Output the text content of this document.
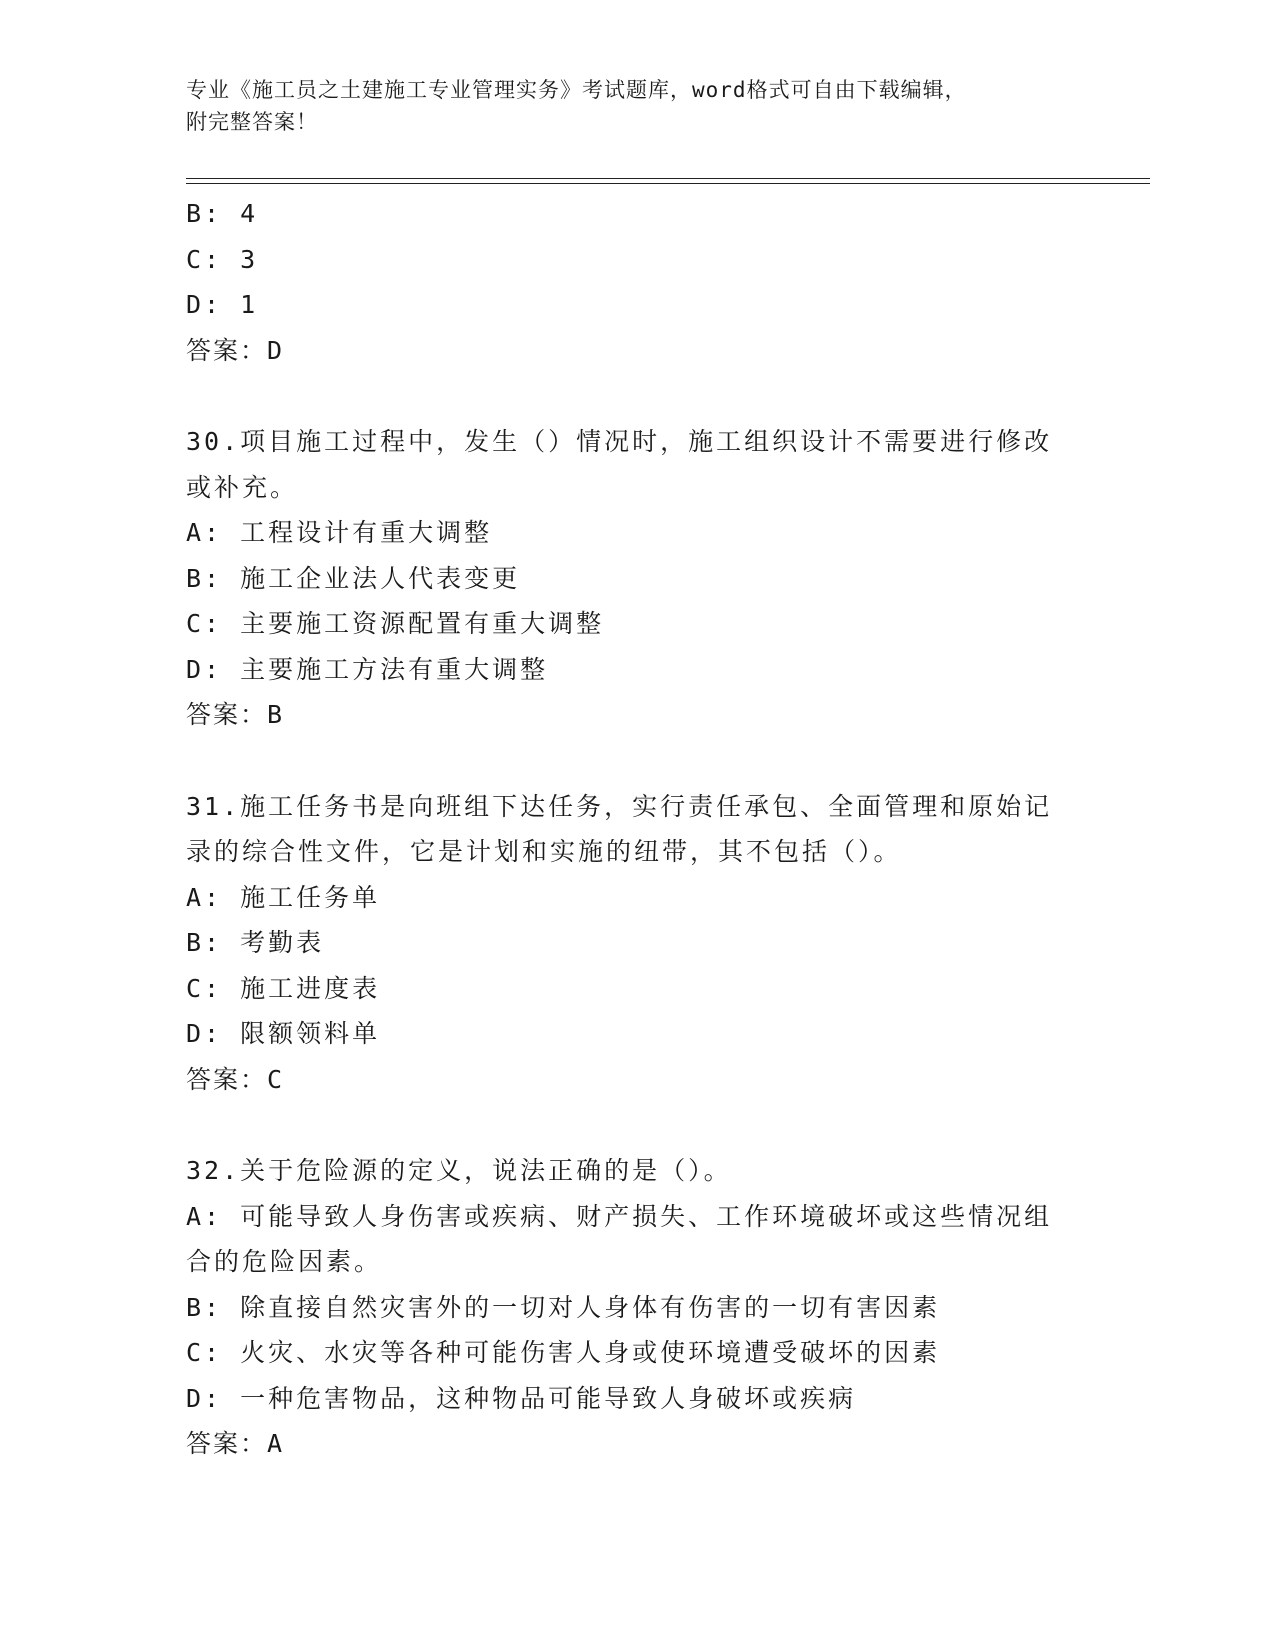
专业《施工员之土建施工专业管理实务》考试题库，word格式可自由下载编辑，
附完整答案！
B: 4
C: 3
D: 1
答案：D
30.项目施工过程中，发生（）情况时，施工组织设计不需要进行修改
或补充。
A: 工程设计有重大调整
B: 施工企业法人代表变更
C: 主要施工资源配置有重大调整
D: 主要施工方法有重大调整
答案：B
31.施工任务书是向班组下达任务，实行责任承包、全面管理和原始记
录的综合性文件，它是计划和实施的纽带，其不包括（）。
A: 施工任务单
B: 考勤表
C: 施工进度表
D: 限额领料单
答案：C
32.关于危险源的定义，说法正确的是（）。
A: 可能导致人身伤害或疾病、财产损失、工作环境破坏或这些情况组
合的危险因素。
B: 除直接自然灾害外的一切对人身体有伤害的一切有害因素
C: 火灾、水灾等各种可能伤害人身或使环境遭受破坏的因素
D: 一种危害物品，这种物品可能导致人身破坏或疾病
答案：A
